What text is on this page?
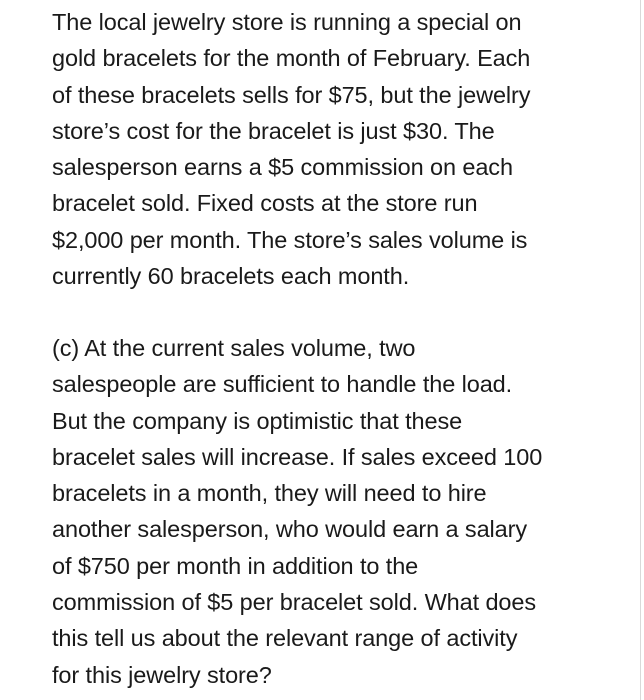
The local jewelry store is running a special on
gold bracelets for the month of February. Each
of these bracelets sells for $75, but the jewelry
store’s cost for the bracelet is just $30. The
salesperson earns a $5 commission on each
bracelet sold. Fixed costs at the store run
$2,000 per month. The store’s sales volume is
currently 60 bracelets each month.
(c) At the current sales volume, two
salespeople are sufficient to handle the load.
But the company is optimistic that these
bracelet sales will increase. If sales exceed 100
bracelets in a month, they will need to hire
another salesperson, who would earn a salary
of $750 per month in addition to the
commission of $5 per bracelet sold. What does
this tell us about the relevant range of activity
for this jewelry store?
